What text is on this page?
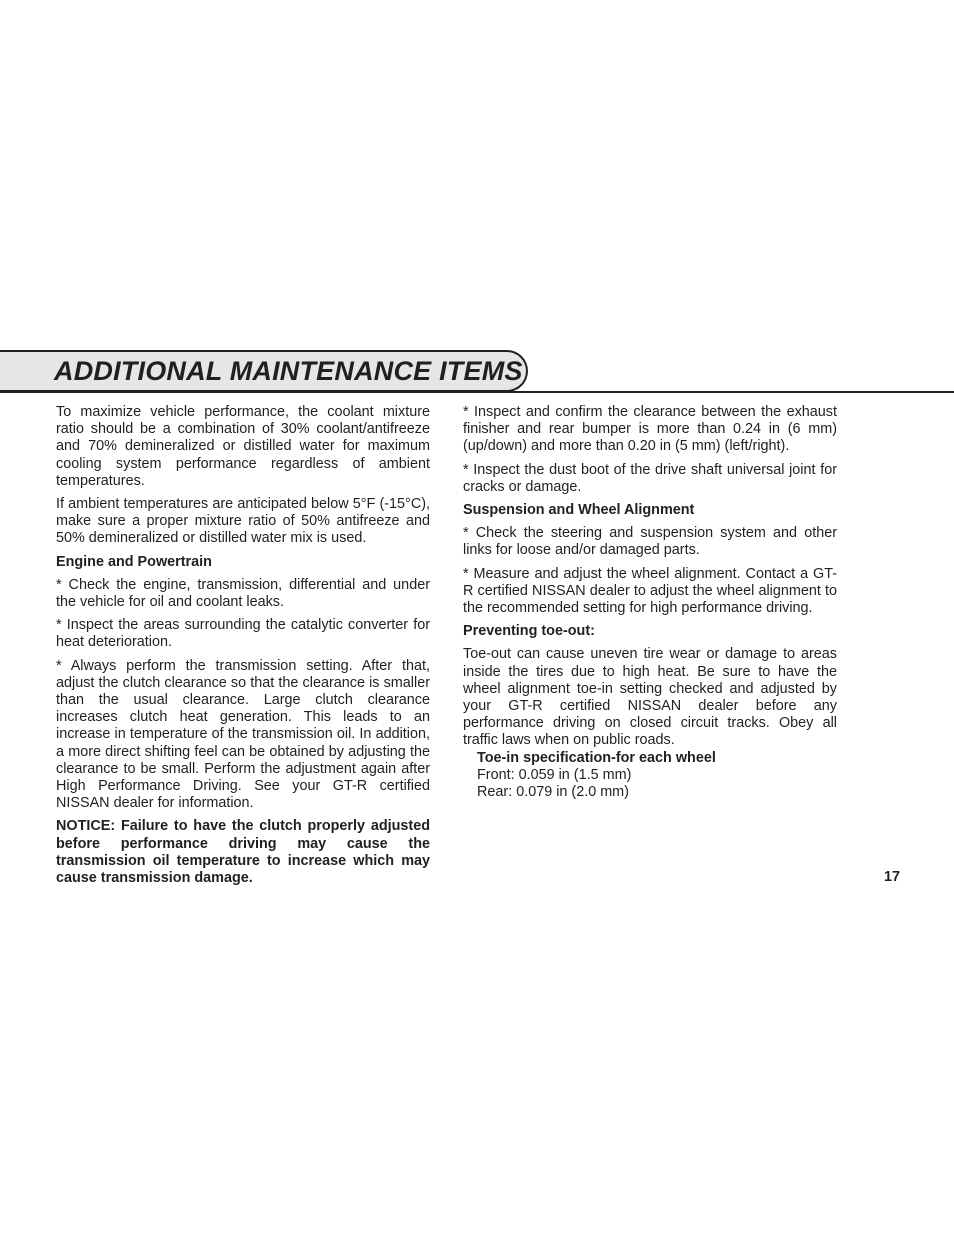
ADDITIONAL MAINTENANCE ITEMS

To maximize vehicle performance, the coolant mixture ratio should be a combination of 30% coolant/antifreeze and 70% demineralized or distilled water for maximum cooling system performance regardless of ambient temperatures.

If ambient temperatures are anticipated below 5°F (-15°C), make sure a proper mixture ratio of 50% antifreeze and 50% demineralized or distilled water mix is used.

Engine and Powertrain

* Check the engine, transmission, differential and under the vehicle for oil and coolant leaks.

* Inspect the areas surrounding the catalytic converter for heat deterioration.

* Always perform the transmission setting. After that, adjust the clutch clearance so that the clearance is smaller than the usual clearance. Large clutch clearance increases clutch heat generation. This leads to an increase in temperature of the transmission oil. In addition, a more direct shifting feel can be obtained by adjusting the clearance to be small. Perform the adjustment again after High Performance Driving. See your GT-R certified NISSAN dealer for information.

NOTICE: Failure to have the clutch properly adjusted before performance driving may cause the transmission oil temperature to increase which may cause transmission damage.

* Inspect and confirm the clearance between the exhaust finisher and rear bumper is more than 0.24 in (6 mm) (up/down) and more than 0.20 in (5 mm) (left/right).

* Inspect the dust boot of the drive shaft universal joint for cracks or damage.

Suspension and Wheel Alignment

* Check the steering and suspension system and other links for loose and/or damaged parts.

* Measure and adjust the wheel alignment. Contact a GT-R certified NISSAN dealer to adjust the wheel alignment to the recommended setting for high performance driving.

Preventing toe-out:

Toe-out can cause uneven tire wear or damage to areas inside the tires due to high heat. Be sure to have the wheel alignment toe-in setting checked and adjusted by your GT-R certified NISSAN dealer before any performance driving on closed circuit tracks. Obey all traffic laws when on public roads.

Toe-in specification-for each wheel
Front: 0.059 in (1.5 mm)
Rear: 0.079 in (2.0 mm)
17
